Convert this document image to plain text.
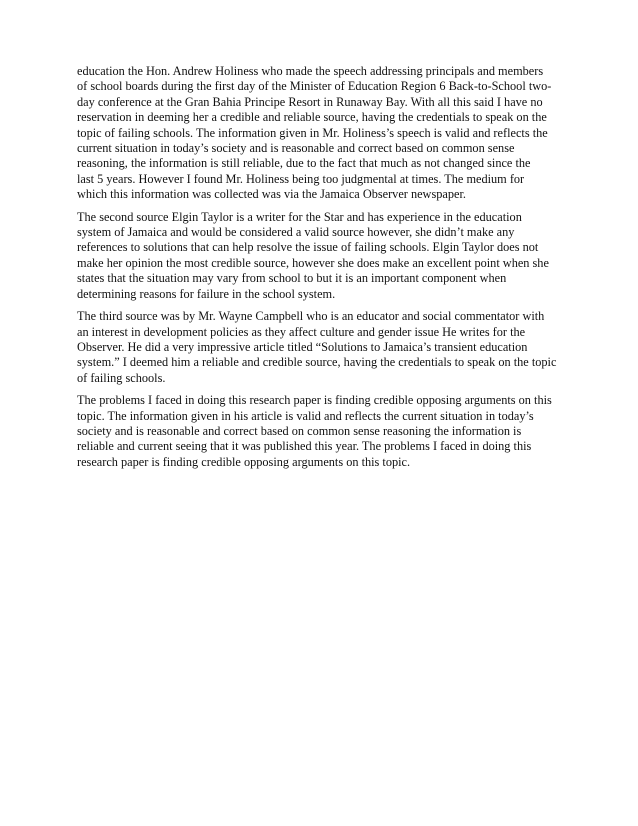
education the Hon. Andrew Holiness who made the speech addressing principals and members
of school boards during the first day of the Minister of Education Region 6 Back-to-School two-
day conference at the Gran Bahia Principe Resort in Runaway Bay. With all this said I have no
reservation in deeming her a credible and reliable source, having the credentials to speak on the
topic of failing schools. The information given in Mr. Holiness’s speech is valid and reflects the
current situation in today’s society and is reasonable and correct based on common sense
reasoning, the information is still reliable, due to the fact that much as not changed since the
last 5 years. However I found Mr. Holiness being too judgmental at times. The medium for
which this information was collected was via the Jamaica Observer newspaper.

The second source Elgin Taylor is a writer for the Star and has experience in the education
system of Jamaica and would be considered a valid source however, she didn’t make any
references to solutions that can help resolve the issue of failing schools. Elgin Taylor does not
make her opinion the most credible source, however she does make an excellent point when she
states that the situation may vary from school to but it is an important component when
determining reasons for failure in the school system.

The third source was by Mr. Wayne Campbell who is an educator and social commentator with
an interest in development policies as they affect culture and gender issue He writes for the
Observer. He did a very impressive article titled “Solutions to Jamaica’s transient education
system.” I deemed him a reliable and credible source, having the credentials to speak on the topic
of failing schools.

The problems I faced in doing this research paper is finding credible opposing arguments on this
topic. The information given in his article is valid and reflects the current situation in today’s
society and is reasonable and correct based on common sense reasoning the information is
reliable and current seeing that it was published this year. The problems I faced in doing this
research paper is finding credible opposing arguments on this topic.
